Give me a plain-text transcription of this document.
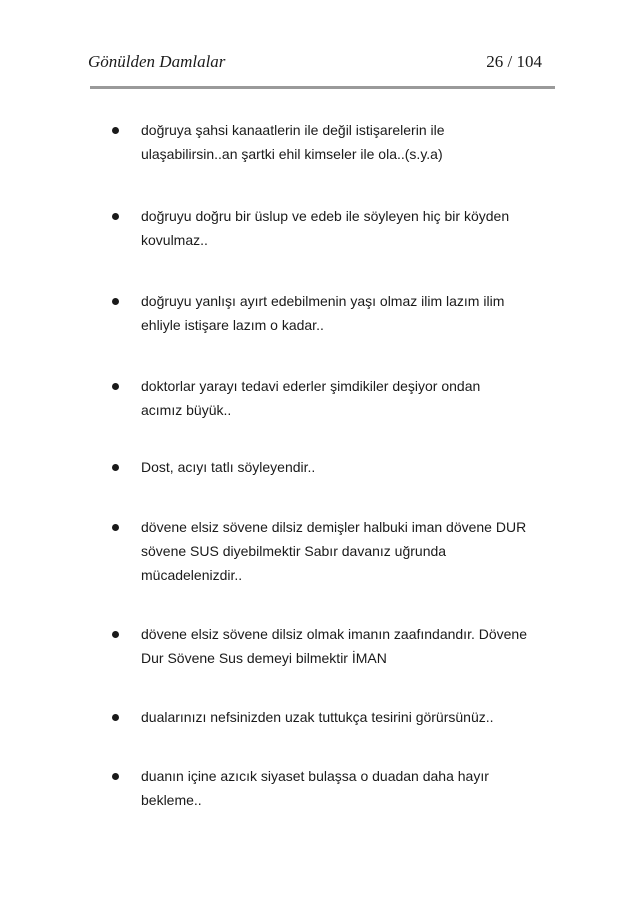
Gönülden Damlalar	26 / 104
doğruya şahsi kanaatlerin ile değil istişarelerin ile
ulaşabilirsin..an şartki ehil kimseler ile ola..(s.y.a)
doğruyu doğru bir üslup ve edeb ile söyleyen hiç bir köyden
kovulmaz..
doğruyu yanlışı ayırt edebilmenin yaşı olmaz ilim lazım ilim
ehliyle istişare lazım o kadar..
doktorlar yarayı tedavi ederler şimdikiler deşiyor ondan
acımız büyük..
Dost, acıyı tatlı söyleyendir..
dövene elsiz sövene dilsiz demişler halbuki iman dövene DUR
sövene SUS diyebilmektir Sabır davanız uğrunda
mücadelenizdir..
dövene elsiz sövene dilsiz olmak imanın zaafındandır. Dövene
Dur Sövene Sus demeyi bilmektir İMAN
dualarınızı nefsinizden uzak tuttukça tesirini görürsünüz..
duanın içine azıcık siyaset bulaşsa o duadan daha hayır
bekleme..
